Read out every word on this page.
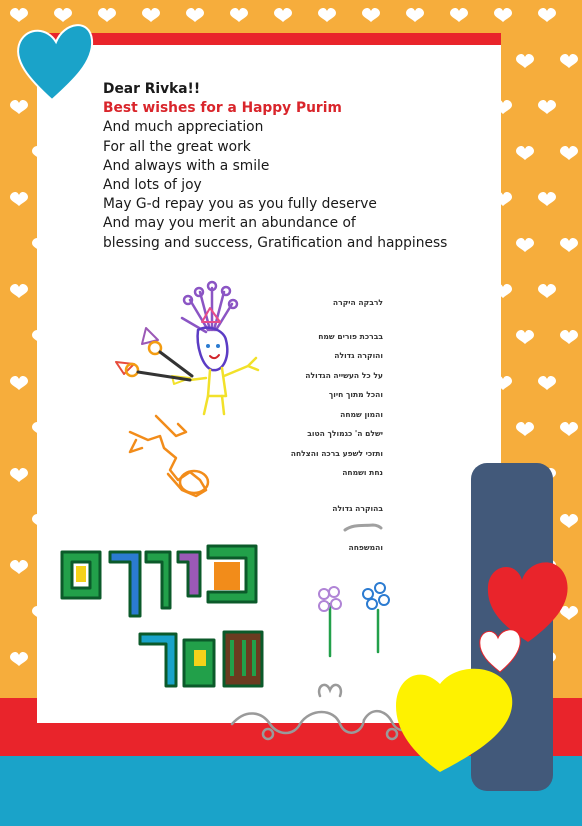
Dear Rivka!!
Best wishes for a Happy Purim
And much appreciation
For all the great work
And always with a smile
And lots of joy
May G-d repay you as you fully deserve
And may you merit an abundance of
blessing and success, Gratification and happiness
לרבקה היקרה
בברכת פורים שמח
והוקרה גדולה
על כל העשייה הגדולה
והכל מתוך חיוך
והמון שמחה
ישלם ה' כגמולך הטוב
ותזכי לשפע ברכה והצלחה
נחת ושמחה
בהוקרה גדולה
והמשפחה
